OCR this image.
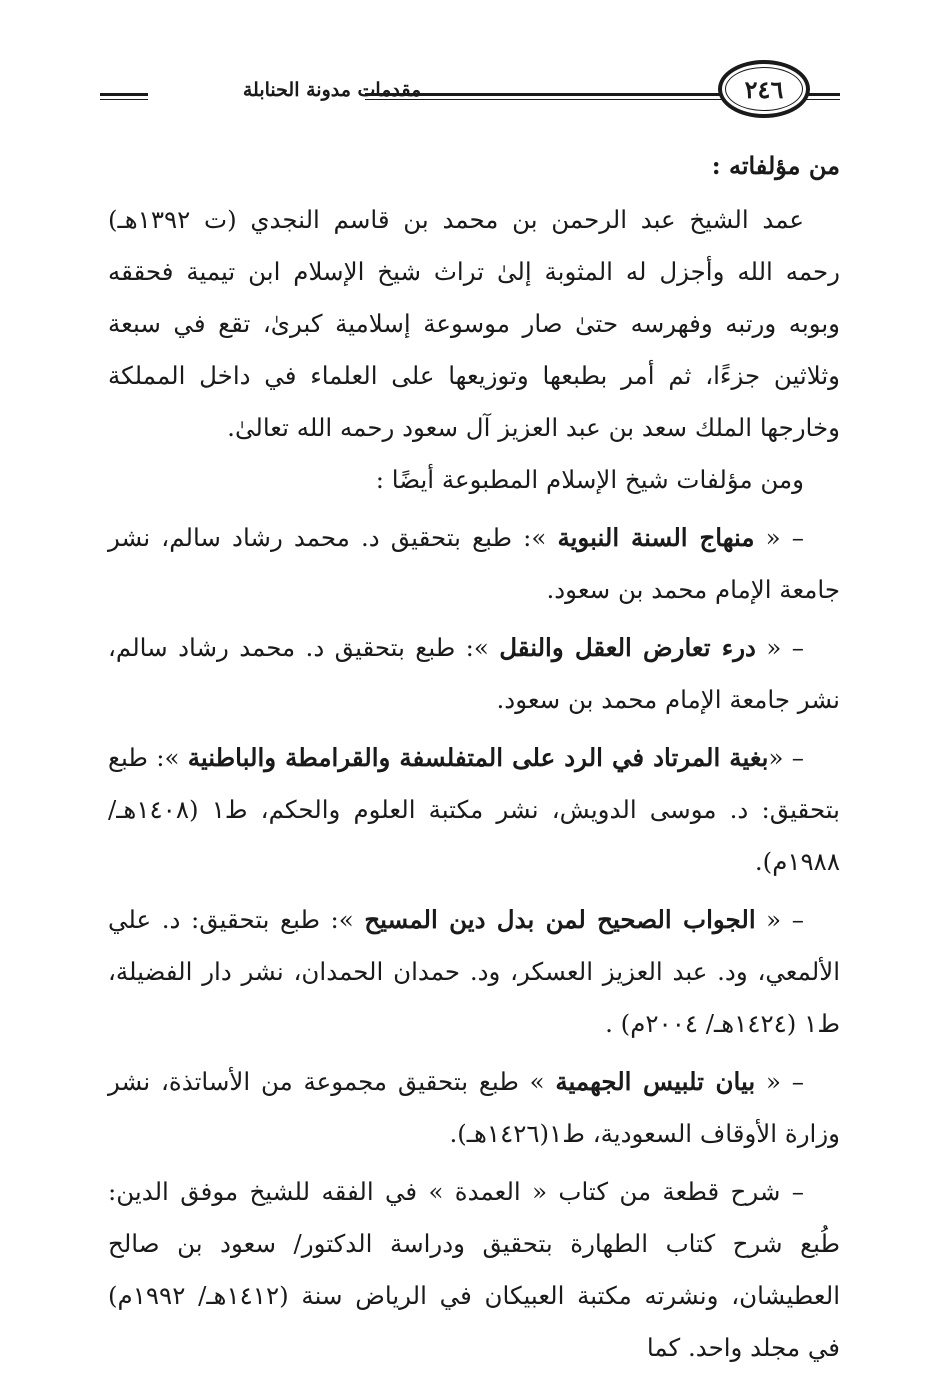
مقدمات مدونة الحنابلة	٢٤٦

من مؤلفاته :

عمد الشيخ عبد الرحمن بن محمد بن قاسم النجدي (ت ١٣٩٢هـ) رحمه الله وأجزل له المثوبة إلىٰ تراث شيخ الإسلام ابن تيمية فحققه وبوبه ورتبه وفهرسه حتىٰ صار موسوعة إسلامية كبرىٰ، تقع في سبعة وثلاثين جزءًا، ثم أمر بطبعها وتوزيعها على العلماء في داخل المملكة وخارجها الملك سعد بن عبد العزيز آل سعود رحمه الله تعالىٰ.

ومن مؤلفات شيخ الإسلام المطبوعة أيضًا :

– « منهاج السنة النبوية »: طبع بتحقيق د. محمد رشاد سالم، نشر جامعة الإمام محمد بن سعود.

– « درء تعارض العقل والنقل »: طبع بتحقيق د. محمد رشاد سالم، نشر جامعة الإمام محمد بن سعود.

– «بغية المرتاد في الرد على المتفلسفة والقرامطة والباطنية »: طبع بتحقيق: د. موسى الدويش، نشر مكتبة العلوم والحكم، ط١ (١٤٠٨هـ/ ١٩٨٨م).

– « الجواب الصحيح لمن بدل دين المسيح »: طبع بتحقيق: د. علي الألمعي، ود. عبد العزيز العسكر، ود. حمدان الحمدان، نشر دار الفضيلة، ط١ (١٤٢٤هـ/ ٢٠٠٤م) .

– « بيان تلبيس الجهمية » طبع بتحقيق مجموعة من الأساتذة، نشر وزارة الأوقاف السعودية، ط١(١٤٢٦هـ).

– شرح قطعة من كتاب « العمدة » في الفقه للشيخ موفق الدين: طُبع شرح كتاب الطهارة بتحقيق ودراسة الدكتور/ سعود بن صالح العطيشان، ونشرته مكتبة العبيكان في الرياض سنة (١٤١٢هـ/ ١٩٩٢م) في مجلد واحد. كما
